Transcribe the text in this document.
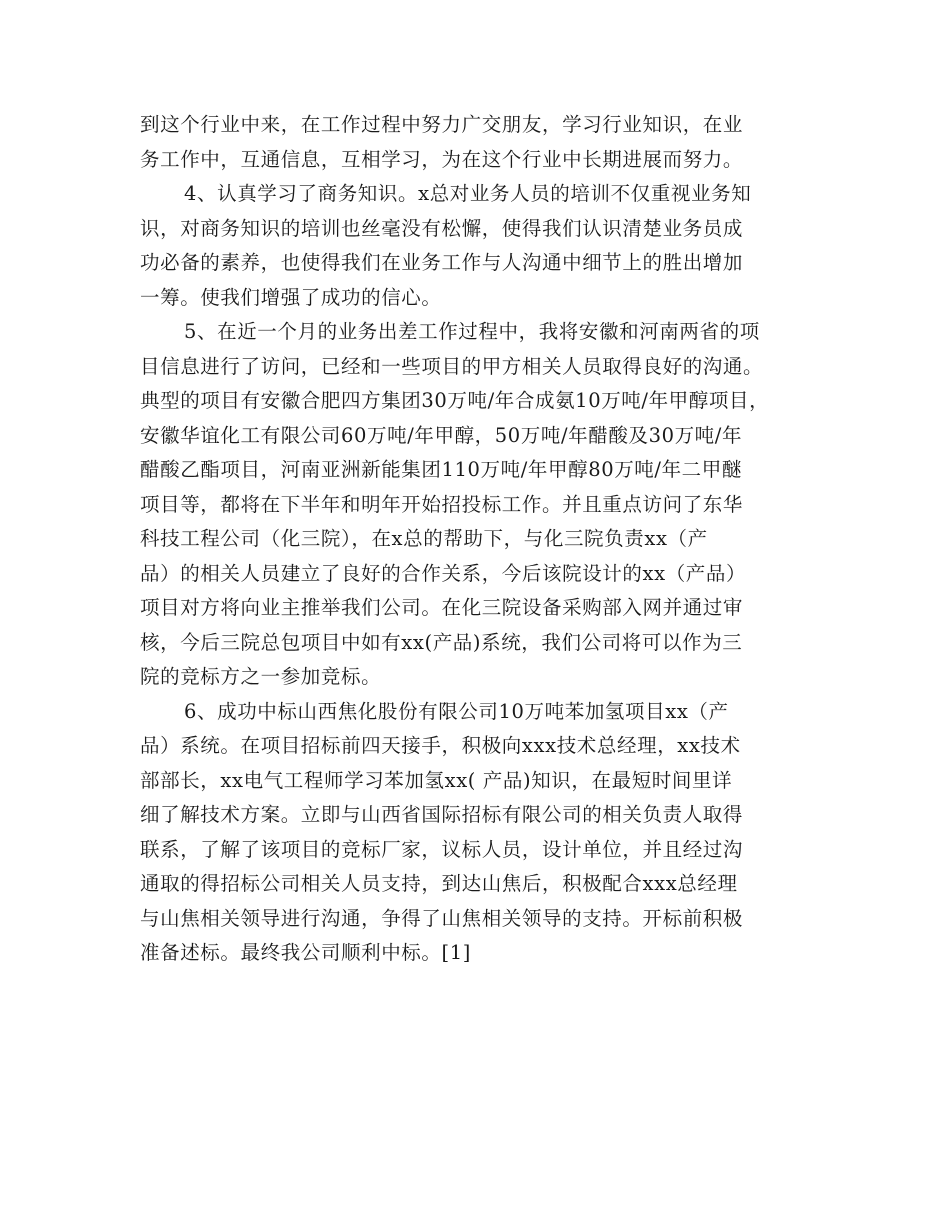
到这个行业中来，在工作过程中努力广交朋友，学习行业知识，在业
务工作中，互通信息，互相学习，为在这个行业中长期进展而努力。
4、认真学习了商务知识。x总对业务人员的培训不仅重视业务知
识，对商务知识的培训也丝毫没有松懈，使得我们认识清楚业务员成
功必备的素养，也使得我们在业务工作与人沟通中细节上的胜出增加
一筹。使我们增强了成功的信心。
5、在近一个月的业务出差工作过程中，我将安徽和河南两省的项
目信息进行了访问，已经和一些项目的甲方相关人员取得良好的沟通。
典型的项目有安徽合肥四方集团30万吨/年合成氨10万吨/年甲醇项目，
安徽华谊化工有限公司60万吨/年甲醇，50万吨/年醋酸及30万吨/年
醋酸乙酯项目，河南亚洲新能集团110万吨/年甲醇80万吨/年二甲醚
项目等，都将在下半年和明年开始招投标工作。并且重点访问了东华
科技工程公司（化三院），在x总的帮助下，与化三院负责xx（产
品）的相关人员建立了良好的合作关系，今后该院设计的xx（产品）
项目对方将向业主推举我们公司。在化三院设备采购部入网并通过审
核，今后三院总包项目中如有xx(产品)系统，我们公司将可以作为三
院的竞标方之一参加竞标。
6、成功中标山西焦化股份有限公司10万吨苯加氢项目xx（产
品）系统。在项目招标前四天接手，积极向xxx技术总经理，xx技术
部部长，xx电气工程师学习苯加氢xx( 产品)知识，在最短时间里详
细了解技术方案。立即与山西省国际招标有限公司的相关负责人取得
联系，了解了该项目的竞标厂家，议标人员，设计单位，并且经过沟
通取的得招标公司相关人员支持，到达山焦后，积极配合xxx总经理
与山焦相关领导进行沟通，争得了山焦相关领导的支持。开标前积极
准备述标。最终我公司顺利中标。[1]
